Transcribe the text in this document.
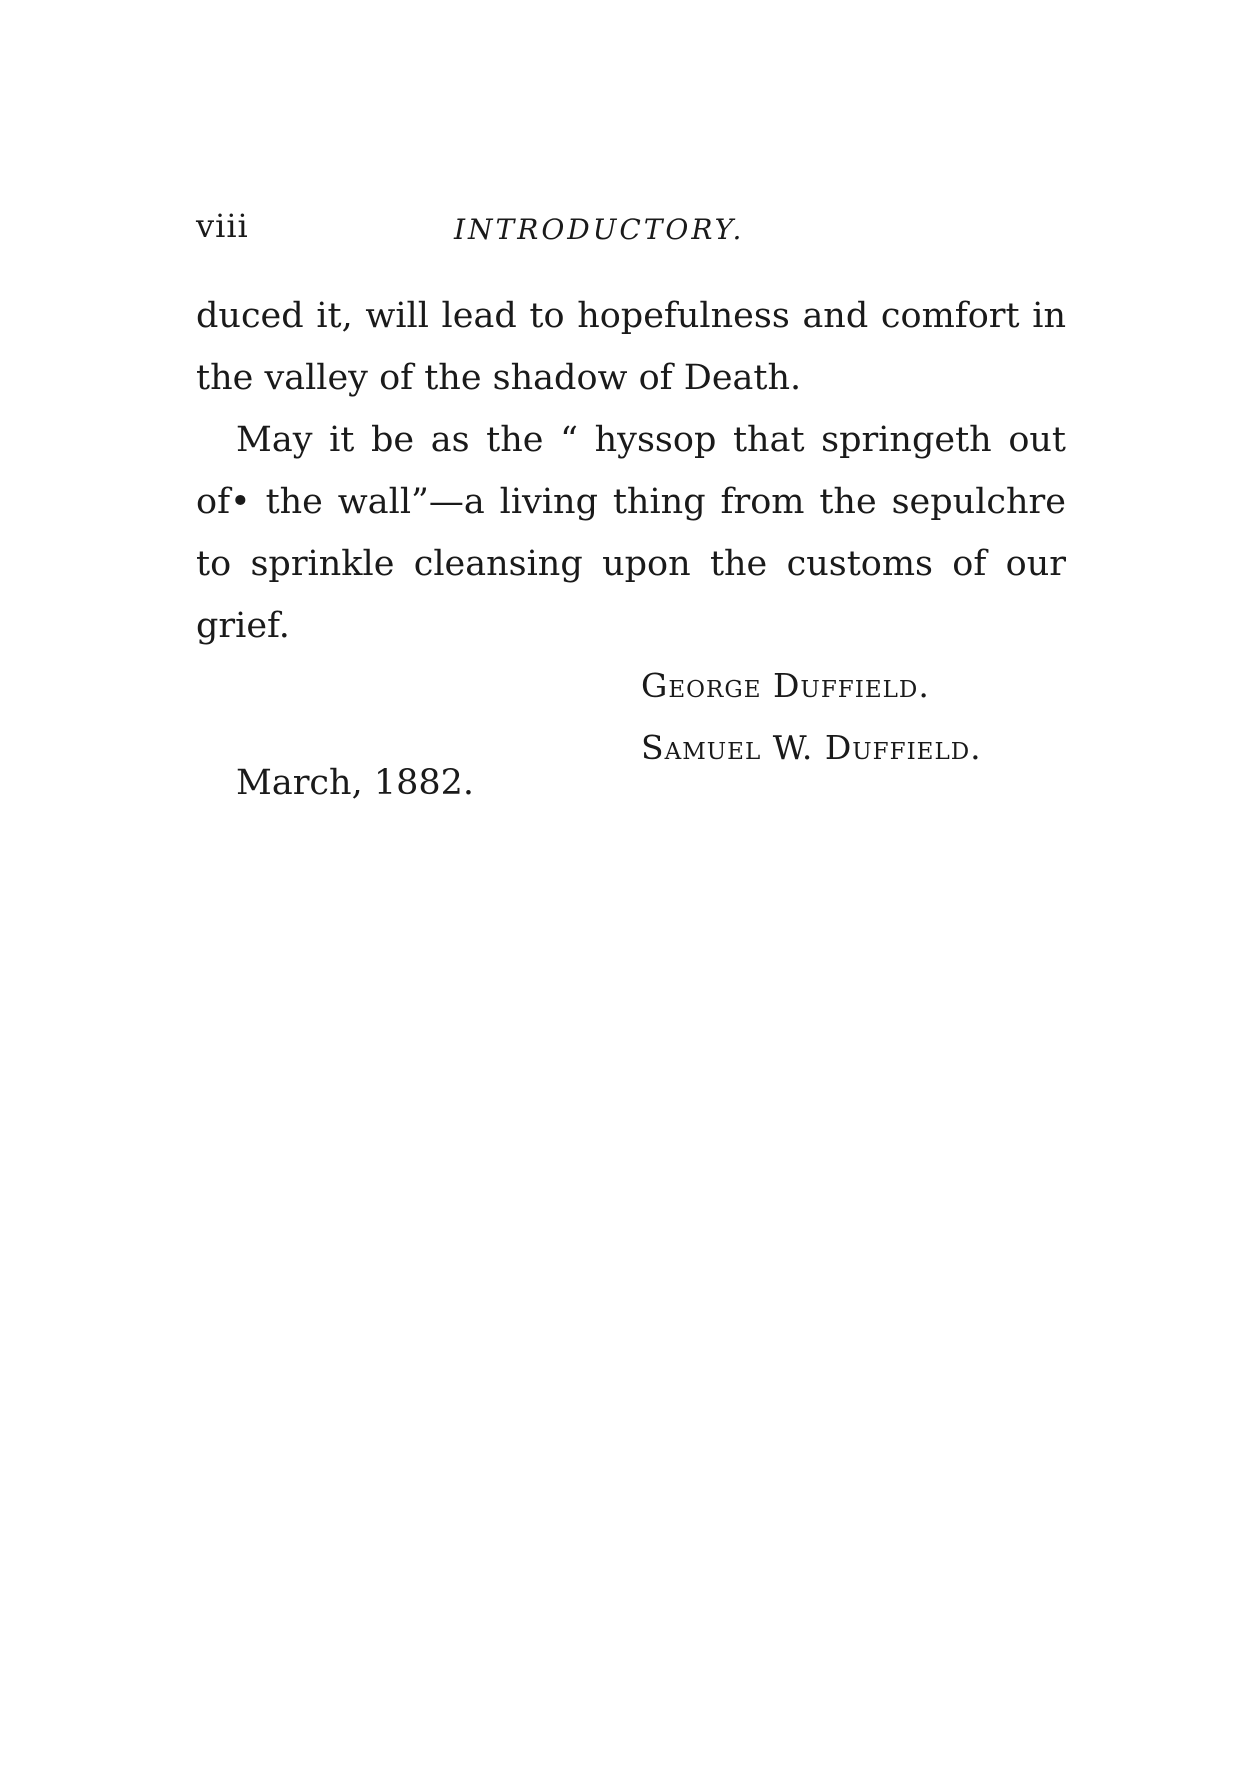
viii	INTRODUCTORY.
duced it, will lead to hopefulness and comfort in
the valley of the shadow of Death.
May it be as the “ hyssop that springeth out
of• the wall”—a living thing from the sepulchre
to sprinkle cleansing upon the customs of our
grief.
George Duffield.
Samuel W. Duffield.
March, 1882.
